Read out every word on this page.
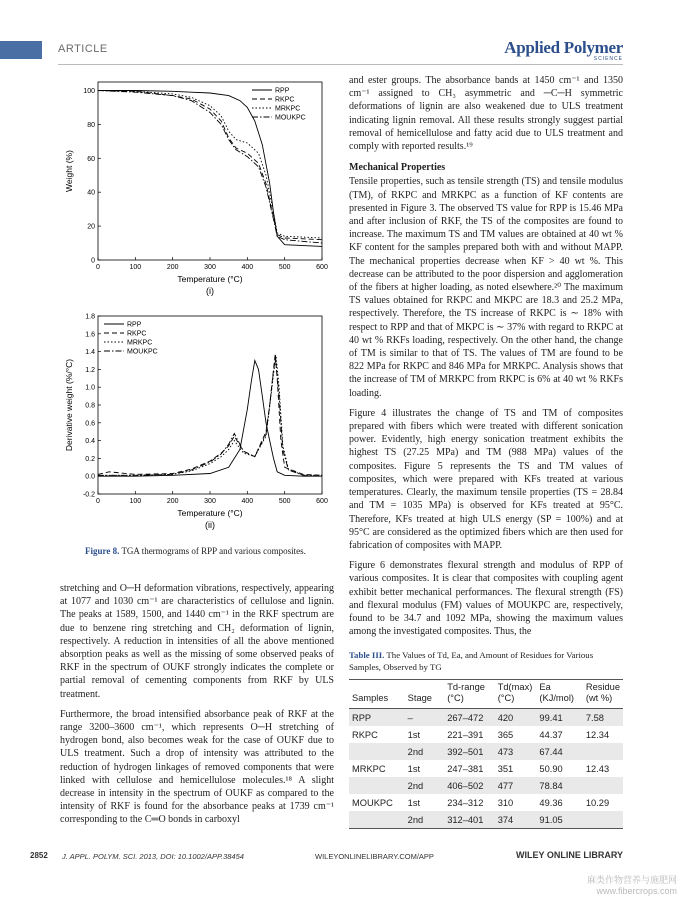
ARTICLE	Applied Polymer
SCIENCE
0	100	200	300	400	500	600
0
20
40
60
80
100
Temperature (°C)
Weight (%)
(i)
RPP
RKPC
MRKPC
MOUKPC
0	100	200	300	400	500	600
-0.2
0.0
0.2
0.4
0.6
0.8
1.0
1.2
1.4
1.6
1.8
Temperature (°C)
Derivative weight (%/°C)
(ii)
RPP
RKPC
MRKPC
MOUKPC
Figure 8. TGA thermograms of RPP and various composites.

stretching and O─H deformation vibrations, respectively, appearing at 1077 and 1030 cm⁻¹ are characteristics of cellulose and lignin. The peaks at 1589, 1500, and 1440 cm⁻¹ in the RKF spectrum are due to benzene ring stretching and CH₂ deformation of lignin, respectively. A reduction in intensities of all the above mentioned absorption peaks as well as the missing of some observed peaks of RKF in the spectrum of OUKF strongly indicates the complete or partial removal of cementing components from RKF by ULS treatment.

Furthermore, the broad intensified absorbance peak of RKF at the range 3200–3600 cm⁻¹, which represents O─H stretching of hydrogen bond, also becomes weak for the case of OUKF due to ULS treatment. Such a drop of intensity was attributed to the reduction of hydrogen linkages of removed components that were linked with cellulose and hemicellulose molecules.¹⁸ A slight decrease in intensity in the spectrum of OUKF as compared to the intensity of RKF is found for the absorbance peaks at 1739 cm⁻¹ corresponding to the C═O bonds in carboxyl

and ester groups. The absorbance bands at 1450 cm⁻¹ and 1350 cm⁻¹ assigned to CH₃ asymmetric and ─C─H symmetric deformations of lignin are also weakened due to ULS treatment indicating lignin removal. All these results strongly suggest partial removal of hemicellulose and fatty acid due to ULS treatment and comply with reported results.¹⁹

Mechanical Properties

Tensile properties, such as tensile strength (TS) and tensile modulus (TM), of RKPC and MRKPC as a function of KF contents are presented in Figure 3. The observed TS value for RPP is 15.46 MPa and after inclusion of RKF, the TS of the composites are found to increase. The maximum TS and TM values are obtained at 40 wt % KF content for the samples prepared both with and without MAPP. The mechanical properties decrease when KF > 40 wt %. This decrease can be attributed to the poor dispersion and agglomeration of the fibers at higher loading, as noted elsewhere.²⁰ The maximum TS values obtained for RKPC and MKPC are 18.3 and 25.2 MPa, respectively. Therefore, the TS increase of RKPC is ∼ 18% with respect to RPP and that of MKPC is ∼ 37% with regard to RKPC at 40 wt % RKFs loading, respectively. On the other hand, the change of TM is similar to that of TS. The values of TM are found to be 822 MPa for RKPC and 846 MPa for MRKPC. Analysis shows that the increase of TM of MRKPC from RKPC is 6% at 40 wt % RKFs loading.

Figure 4 illustrates the change of TS and TM of composites prepared with fibers which were treated with different sonication power. Evidently, high energy sonication treatment exhibits the highest TS (27.25 MPa) and TM (988 MPa) values of the composites. Figure 5 represents the TS and TM values of composites, which were prepared with KFs treated at various temperatures. Clearly, the maximum tensile properties (TS = 28.84 and TM = 1035 MPa) is observed for KFs treated at 95°C. Therefore, KFs treated at high ULS energy (SP = 100%) and at 95°C are considered as the optimized fibers which are then used for fabrication of composites with MAPP.

Figure 6 demonstrates flexural strength and modulus of RPP of various composites. It is clear that composites with coupling agent exhibit better mechanical performances. The flexural strength (FS) and flexural modulus (FM) values of MOUKPC are, respectively, found to be 34.7 and 1092 MPa, showing the maximum values among the investigated composites. Thus, the

Table III. The Values of Td, Ea, and Amount of Residues for Various Samples, Observed by TG
Samples	Stage	Td-range (°C)	Td(max) (°C)	Ea (KJ/mol)	Residue (wt %)
RPP	–	267–472	420	99.41	7.58
RKPC	1st	221–391	365	44.37	12.34
	2nd	392–501	473	67.44	
MRKPC	1st	247–381	351	50.90	12.43
	2nd	406–502	477	78.84	
MOUKPC	1st	234–312	310	49.36	10.29
	2nd	312–401	374	91.05	
2852 J. APPL. POLYM. SCI. 2013, DOI: 10.1002/APP.38454	WILEYONLINELIBRARY.COM/APP	WILEY ONLINE LIBRARY
麻类作物营养与施肥网
www.fibercrops.com
